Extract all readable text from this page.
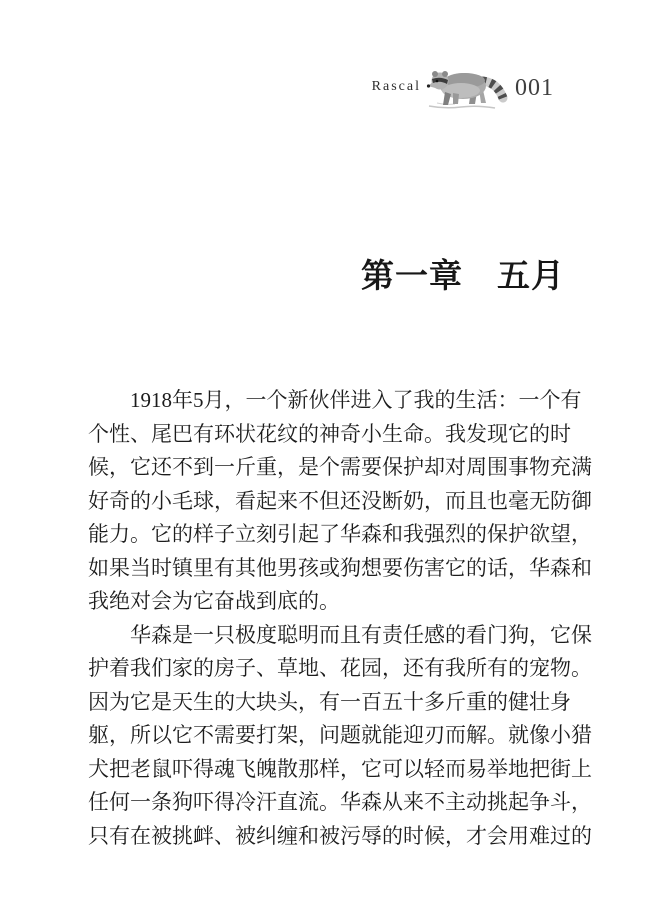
Rascal	001
第一章　五月
1918年5月，一个新伙伴进入了我的生活：一个有
个性、尾巴有环状花纹的神奇小生命。我发现它的时
候，它还不到一斤重，是个需要保护却对周围事物充满
好奇的小毛球，看起来不但还没断奶，而且也毫无防御
能力。它的样子立刻引起了华森和我强烈的保护欲望，
如果当时镇里有其他男孩或狗想要伤害它的话，华森和
我绝对会为它奋战到底的。
华森是一只极度聪明而且有责任感的看门狗，它保
护着我们家的房子、草地、花园，还有我所有的宠物。
因为它是天生的大块头，有一百五十多斤重的健壮身
躯，所以它不需要打架，问题就能迎刃而解。就像小猎
犬把老鼠吓得魂飞魄散那样，它可以轻而易举地把街上
任何一条狗吓得冷汗直流。华森从来不主动挑起争斗，
只有在被挑衅、被纠缠和被污辱的时候，才会用难过的
